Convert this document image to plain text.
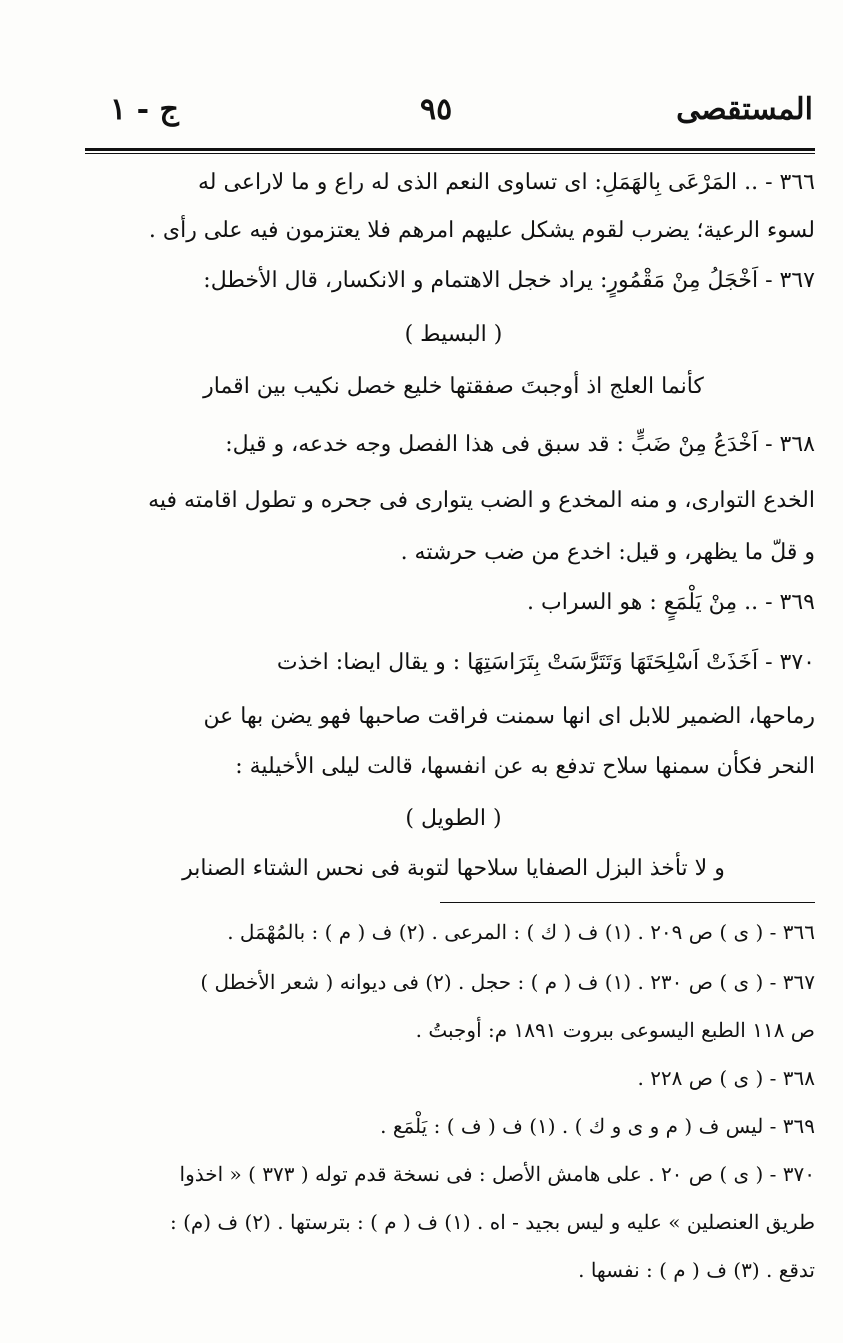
المستقصى
٩٥
ج - ١
٣٦٦ - .. المَرْعَى بِالهَمَلِ: اى تساوى النعم الذى له راع و ما لاراعى له
لسوء الرعية؛ يضرب لقوم يشكل عليهم امرهم فلا يعتزمون فيه على رأى .
٣٦٧ - اَخْجَلُ مِنْ مَقْمُورٍ: يراد خجل الاهتمام و الانكسار، قال الأخطل:
( البسيط )
كأنما العلج اذ أوجبتَ صفقتها خليع خصل نكيب بين اقمار
٣٦٨ - اَخْدَعُ مِنْ ضَبٍّ : قد سبق فى هذا الفصل وجه خدعه، و قيل:
الخدع التوارى، و منه المخدع و الضب يتوارى فى جحره و تطول اقامته فيه
و قلّ ما يظهر، و قيل: اخدع من ضب حرشته .
٣٦٩ - .. مِنْ يَلْمَعٍ : هو السراب .
٣٧٠ - اَخَذَتْ اَسْلِحَتَهَا وَتَتَرَّسَتْ بِتَرَاسَتِهَا : و يقال ايضا: اخذت
رماحها، الضمير للابل اى انها سمنت فراقت صاحبها فهو يضن بها عن
النحر فكأن سمنها سلاح تدفع به عن انفسها، قالت ليلى الأخيلية :
( الطويل )
و لا تأخذ البزل الصفايا سلاحها لتوبة فى نحس الشتاء الصنابر
٣٦٦ - ( ى ) ص ٢٠٩ . (١) ف ( ك ) : المرعى . (٢) ف ( م ) : بالمُهْمَل .
٣٦٧ - ( ى ) ص ٢٣٠ . (١) ف ( م ) : حجل . (٢) فى ديوانه ( شعر الأخطل )
ص ١١٨ الطبع اليسوعى ببروت ١٨٩١ م: أوجبتُ .
٣٦٨ - ( ى ) ص ٢٢٨ .
٣٦٩ - ليس ف ( م و ى و ك ) . (١) ف ( ف ) : يَلْمَع .
٣٧٠ - ( ى ) ص ٢٠ . على هامش الأصل : فى نسخة قدم توله ( ٣٧٣ ) « اخذوا
طريق العنصلين » عليه و ليس بجيد - اه . (١) ف ( م ) : بترستها . (٢) ف (م) :
تدقع . (٣) ف ( م ) : نفسها .
